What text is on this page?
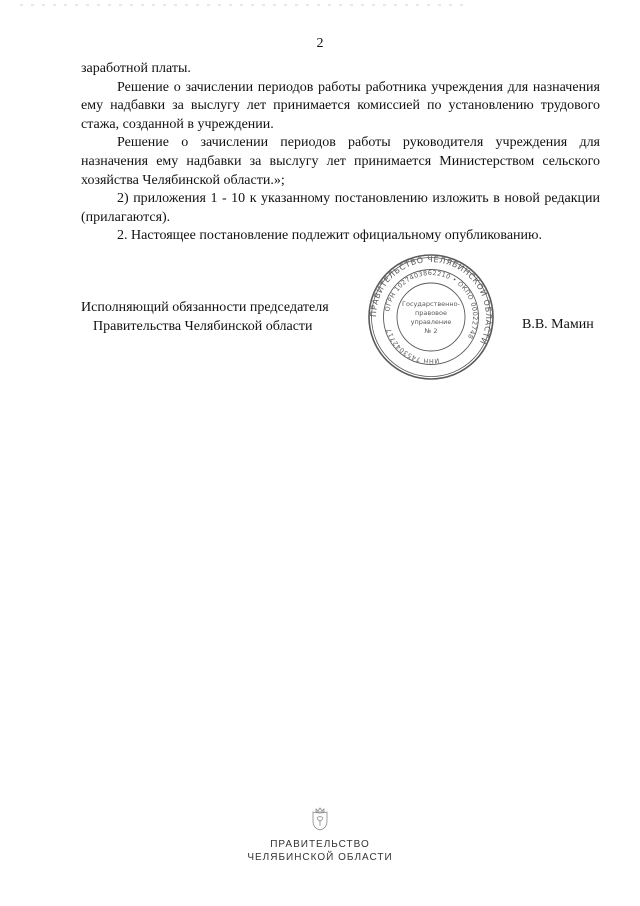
2

заработной платы.

Решение о зачислении периодов работы работника учреждения для назначения ему надбавки за выслугу лет принимается комиссией по установлению трудового стажа, созданной в учреждении.

Решение о зачислении периодов работы руководителя учреждения для назначения ему надбавки за выслугу лет принимается Министерством сельского хозяйства Челябинской области.»;

2) приложения 1 - 10 к указанному постановлению изложить в новой редакции (прилагаются).

2. Настоящее постановление подлежит официальному опубликованию.

Исполняющий обязанности председателя
Правительства Челябинской области
ПРАВИТЕЛЬСТВО ЧЕЛЯБИНСКОЙ ОБЛАСТИ
ОГРН 1027403862210 • ОКПО 00022748
ИНН 7453042717
Государственно-
правовое
управление
№ 2	В.В. Мамин
ПРАВИТЕЛЬСТВО
ЧЕЛЯБИНСКОЙ ОБЛАСТИ
